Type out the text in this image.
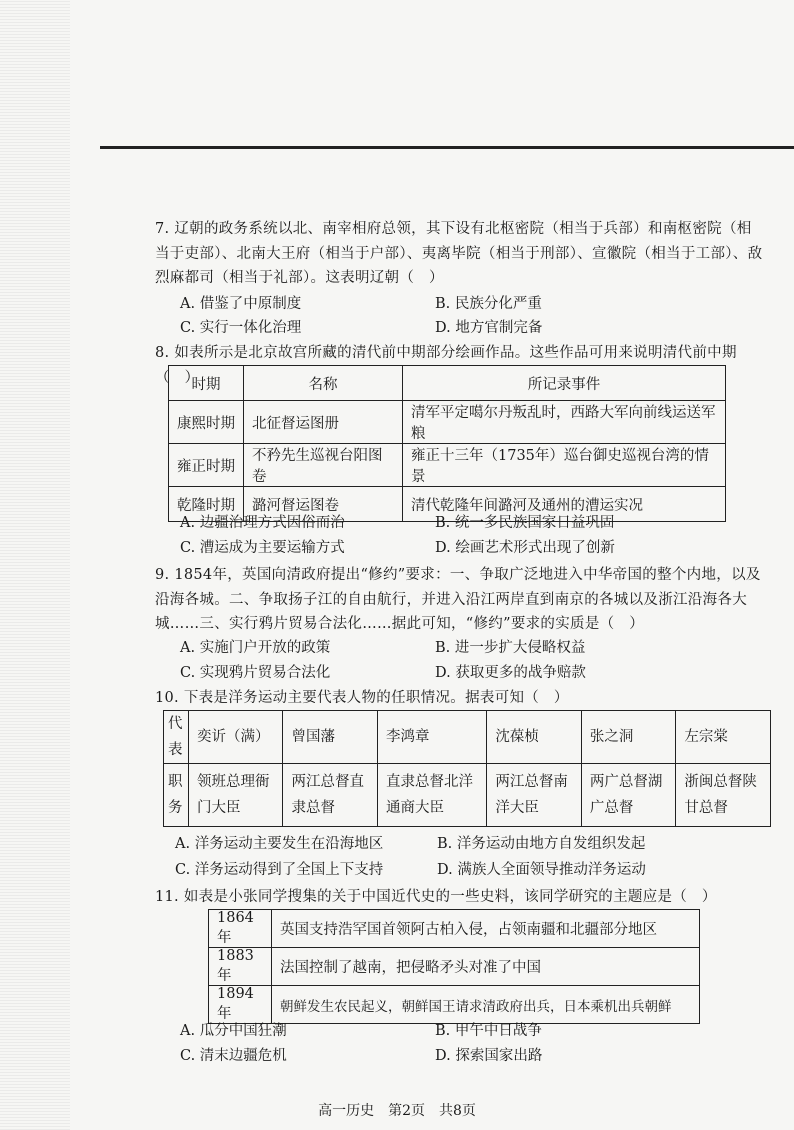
7. 辽朝的政务系统以北、南宰相府总领，其下设有北枢密院（相当于兵部）和南枢密院（相当于吏部）、北南大王府（相当于户部）、夷离毕院（相当于刑部）、宣徽院（相当于工部）、敌烈麻都司（相当于礼部）。这表明辽朝（　）
A. 借鉴了中原制度	B. 民族分化严重
C. 实行一体化治理	D. 地方官制完备
8. 如表所示是北京故宫所藏的清代前中期部分绘画作品。这些作品可用来说明清代前中期（　）
时期	名称	所记录事件
康熙时期	北征督运图册	清军平定噶尔丹叛乱时，西路大军向前线运送军粮
雍正时期	不矜先生巡视台阳图卷	雍正十三年（1735年）巡台御史巡视台湾的情景
乾隆时期	潞河督运图卷	清代乾隆年间潞河及通州的漕运实况
A. 边疆治理方式因俗而治	B. 统一多民族国家日益巩固
C. 漕运成为主要运输方式	D. 绘画艺术形式出现了创新
9. 1854年，英国向清政府提出“修约”要求：一、争取广泛地进入中华帝国的整个内地，以及沿海各城。二、争取扬子江的自由航行，并进入沿江两岸直到南京的各城以及浙江沿海各大城……三、实行鸦片贸易合法化……据此可知，“修约”要求的实质是（　）
A. 实施门户开放的政策	B. 进一步扩大侵略权益
C. 实现鸦片贸易合法化	D. 获取更多的战争赔款
10. 下表是洋务运动主要代表人物的任职情况。据表可知（　）
代表	奕䜣（满）	曾国藩	李鸿章	沈葆桢	张之洞	左宗棠
职务	领班总理衙门大臣	两江总督直隶总督	直隶总督北洋通商大臣	两江总督南洋大臣	两广总督湖广总督	浙闽总督陕甘总督
A. 洋务运动主要发生在沿海地区	B. 洋务运动由地方自发组织发起
C. 洋务运动得到了全国上下支持	D. 满族人全面领导推动洋务运动
11. 如表是小张同学搜集的关于中国近代史的一些史料，该同学研究的主题应是（　）
1864年	英国支持浩罕国首领阿古柏入侵，占领南疆和北疆部分地区
1883年	法国控制了越南，把侵略矛头对准了中国
1894年	朝鲜发生农民起义，朝鲜国王请求清政府出兵，日本乘机出兵朝鲜
A. 瓜分中国狂潮	B. 甲午中日战争
C. 清末边疆危机	D. 探索国家出路
高一历史　第2页　共8页
